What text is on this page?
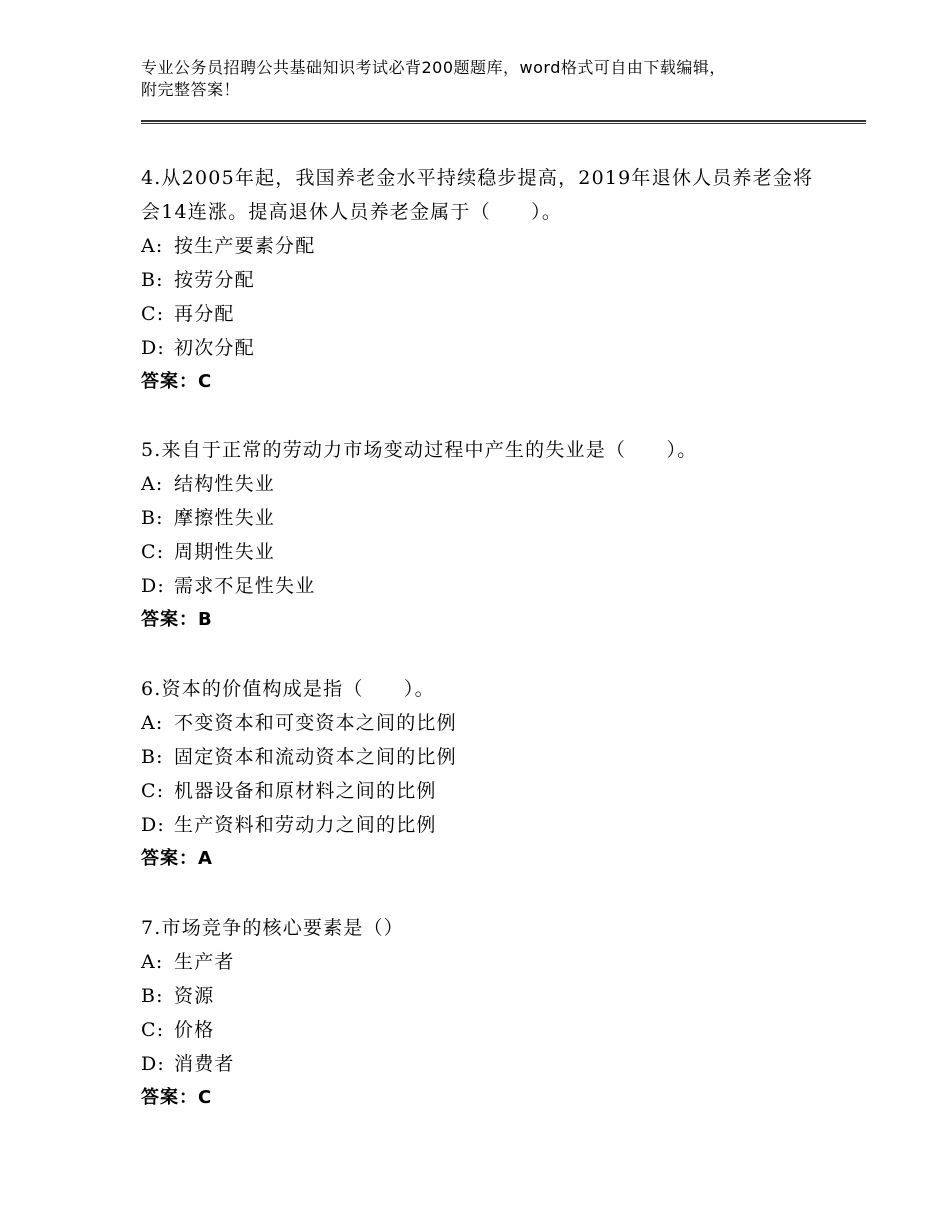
专业公务员招聘公共基础知识考试必背200题题库，word格式可自由下载编辑，
附完整答案！

4.从2005年起，我国养老金水平持续稳步提高，2019年退休人员养老金将会14连涨。提高退休人员养老金属于（　　）。

A: 按生产要素分配
B: 按劳分配
C: 再分配
D: 初次分配
答案：C

5.来自于正常的劳动力市场变动过程中产生的失业是（　　）。

A: 结构性失业
B: 摩擦性失业
C: 周期性失业
D: 需求不足性失业
答案：B

6.资本的价值构成是指（　　）。

A: 不变资本和可变资本之间的比例
B: 固定资本和流动资本之间的比例
C: 机器设备和原材料之间的比例
D: 生产资料和劳动力之间的比例
答案：A

7.市场竞争的核心要素是（）

A: 生产者
B: 资源
C: 价格
D: 消费者
答案：C
